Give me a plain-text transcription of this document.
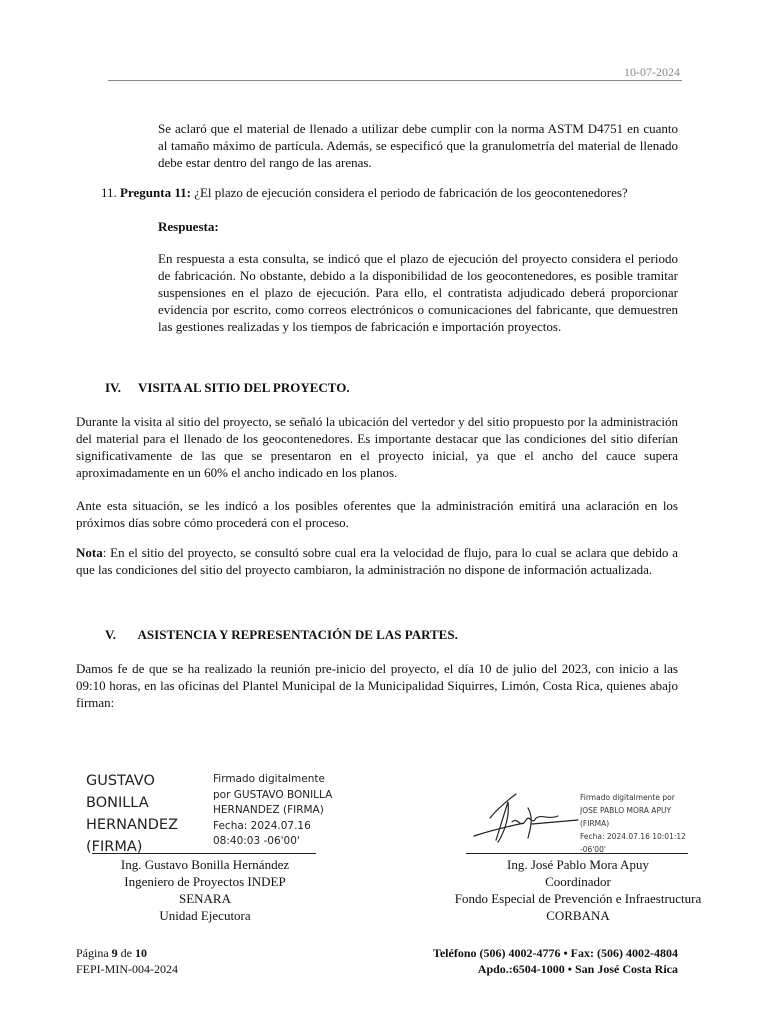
10-07-2024

Se aclaró que el material de llenado a utilizar debe cumplir con la norma ASTM D4751 en cuanto al tamaño máximo de partícula. Además, se especificó que la granulometría del material de llenado debe estar dentro del rango de las arenas.

11. Pregunta 11: ¿El plazo de ejecución considera el periodo de fabricación de los geocontenedores?

Respuesta:

En respuesta a esta consulta, se indicó que el plazo de ejecución del proyecto considera el periodo de fabricación. No obstante, debido a la disponibilidad de los geocontenedores, es posible tramitar suspensiones en el plazo de ejecución. Para ello, el contratista adjudicado deberá proporcionar evidencia por escrito, como correos electrónicos o comunicaciones del fabricante, que demuestren las gestiones realizadas y los tiempos de fabricación e importación proyectos.

IV. VISITA AL SITIO DEL PROYECTO.

Durante la visita al sitio del proyecto, se señaló la ubicación del vertedor y del sitio propuesto por la administración del material para el llenado de los geocontenedores. Es importante destacar que las condiciones del sitio diferían significativamente de las que se presentaron en el proyecto inicial, ya que el ancho del cauce supera aproximadamente en un 60% el ancho indicado en los planos.

Ante esta situación, se les indicó a los posibles oferentes que la administración emitirá una aclaración en los próximos días sobre cómo procederá con el proceso.

Nota: En el sitio del proyecto, se consultó sobre cual era la velocidad de flujo, para lo cual se aclara que debido a que las condiciones del sitio del proyecto cambiaron, la administración no dispone de información actualizada.

V. ASISTENCIA Y REPRESENTACIÓN DE LAS PARTES.

Damos fe de que se ha realizado la reunión pre-inicio del proyecto, el día 10 de julio del 2023, con inicio a las 09:10 horas, en las oficinas del Plantel Municipal de la Municipalidad Siquirres, Limón, Costa Rica, quienes abajo firman:

GUSTAVO
BONILLA
HERNANDEZ
(FIRMA)
Firmado digitalmente
por GUSTAVO BONILLA
HERNANDEZ (FIRMA)
Fecha: 2024.07.16
08:40:03 -06'00'
Ing. Gustavo Bonilla Hernández
Ingeniero de Proyectos INDEP
SENARA
Unidad Ejecutora
Firmado digitalmente por
JOSE PABLO MORA APUY
(FIRMA)
Fecha: 2024.07.16 10:01:12
-06'00'
Ing. José Pablo Mora Apuy
Coordinador
Fondo Especial de Prevención e Infraestructura
CORBANA
Página 9 de 10
FEPI-MIN-004-2024
Teléfono (506) 4002-4776 • Fax: (506) 4002-4804
Apdo.:6504-1000 • San José Costa Rica
